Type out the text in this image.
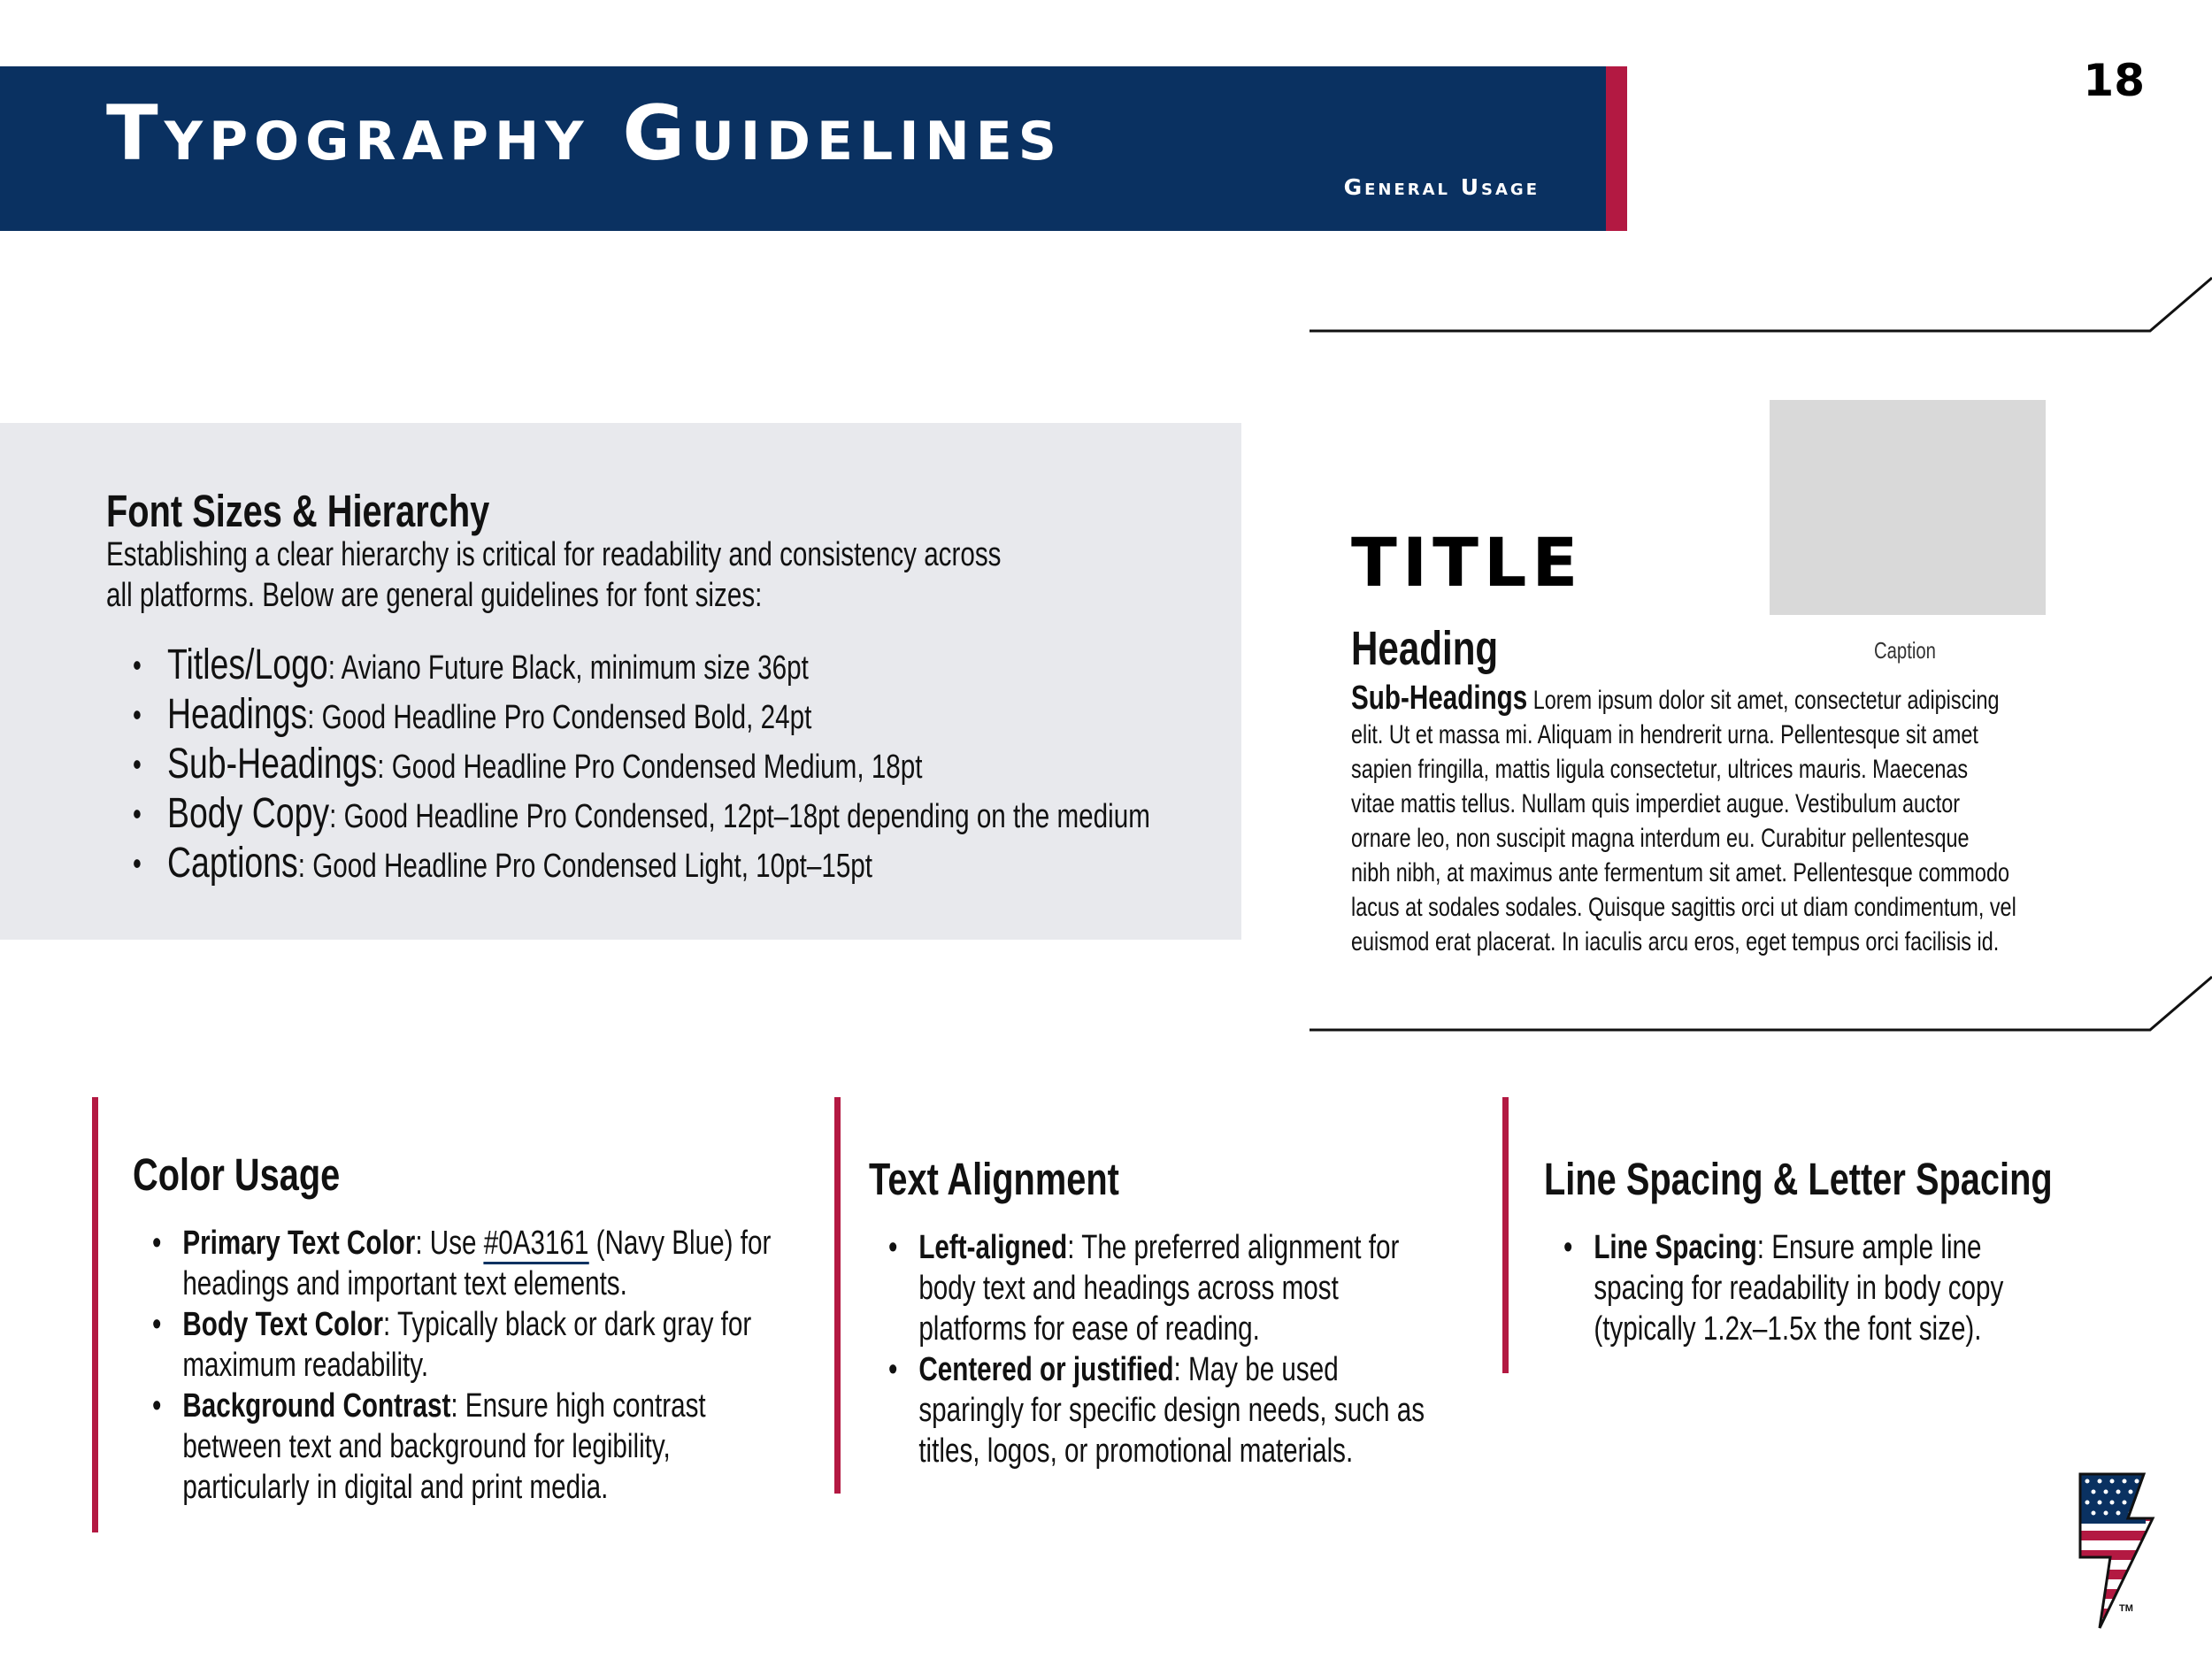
Typography Guidelines
General Usage
18
Font Sizes & Hierarchy
Establishing a clear hierarchy is critical for readability and consistency across
all platforms. Below are general guidelines for font sizes:
• Titles/Logo: Aviano Future Black, minimum size 36pt
• Headings: Good Headline Pro Condensed Bold, 24pt
• Sub-Headings: Good Headline Pro Condensed Medium, 18pt
• Body Copy: Good Headline Pro Condensed, 12pt–18pt depending on the medium
• Captions: Good Headline Pro Condensed Light, 10pt–15pt
TITLE
Caption
Heading
Sub-Headings Lorem ipsum dolor sit amet, consectetur adipiscing
elit. Ut et massa mi. Aliquam in hendrerit urna. Pellentesque sit amet
sapien fringilla, mattis ligula consectetur, ultrices mauris. Maecenas
vitae mattis tellus. Nullam quis imperdiet augue. Vestibulum auctor
ornare leo, non suscipit magna interdum eu. Curabitur pellentesque
nibh nibh, at maximus ante fermentum sit amet. Pellentesque commodo
lacus at sodales sodales. Quisque sagittis orci ut diam condimentum, vel
euismod erat placerat. In iaculis arcu eros, eget tempus orci facilisis id.
Color Usage
• Primary Text Color: Use #0A3161 (Navy Blue) for
headings and important text elements.
• Body Text Color: Typically black or dark gray for
maximum readability.
• Background Contrast: Ensure high contrast
between text and background for legibility,
particularly in digital and print media.
Text Alignment
• Left-aligned: The preferred alignment for
body text and headings across most
platforms for ease of reading.
• Centered or justified: May be used
sparingly for specific design needs, such as
titles, logos, or promotional materials.
Line Spacing & Letter Spacing
• Line Spacing: Ensure ample line
spacing for readability in body copy
(typically 1.2x–1.5x the font size).
TM
